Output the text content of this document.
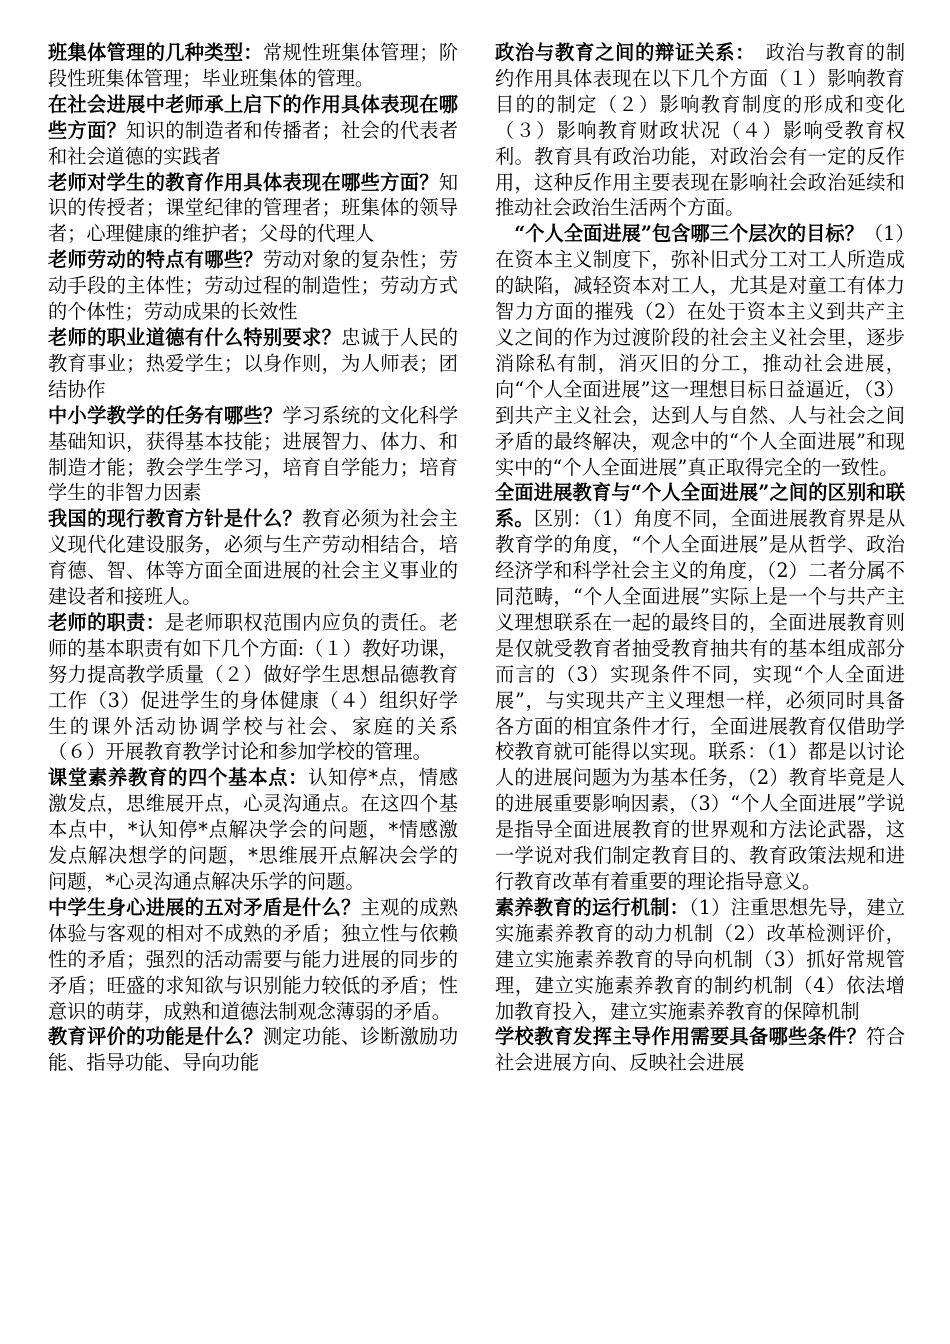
班集体管理的几种类型：常规性班集体管理；阶段性班集体管理；毕业班集体的管理。

在社会进展中老师承上启下的作用具体表现在哪些方面？知识的制造者和传播者；社会的代表者和社会道德的实践者

老师对学生的教育作用具体表现在哪些方面？知识的传授者；课堂纪律的管理者；班集体的领导者；心理健康的维护者；父母的代理人

老师劳动的特点有哪些？劳动对象的复杂性；劳动手段的主体性；劳动过程的制造性；劳动方式的个体性；劳动成果的长效性

老师的职业道德有什么特别要求？忠诚于人民的教育事业；热爱学生；以身作则，为人师表；团结协作

中小学教学的任务有哪些？学习系统的文化科学基础知识，获得基本技能；进展智力、体力、和制造才能；教会学生学习，培育自学能力；培育学生的非智力因素

我国的现行教育方针是什么？教育必须为社会主义现代化建设服务，必须与生产劳动相结合，培育德、智、体等方面全面进展的社会主义事业的建设者和接班人。

老师的职责：是老师职权范围内应负的责任。老师的基本职责有如下几个方面:（１）教好功课，努力提高教学质量（２）做好学生思想品德教育工作（3）促进学生的身体健康（４）组织好学生的课外活动协调学校与社会、家庭的关系（６）开展教育教学讨论和参加学校的管理。

课堂素养教育的四个基本点：认知停*点，情感激发点，思维展开点，心灵沟通点。在这四个基本点中，*认知停*点解决学会的问题，*情感激发点解决想学的问题，*思维展开点解决会学的问题，*心灵沟通点解决乐学的问题。

中学生身心进展的五对矛盾是什么？主观的成熟体验与客观的相对不成熟的矛盾；独立性与依赖性的矛盾；强烈的活动需要与能力进展的同步的矛盾；旺盛的求知欲与识别能力较低的矛盾；性意识的萌芽，成熟和道德法制观念薄弱的矛盾。

教育评价的功能是什么？测定功能、诊断激励功能、指导功能、导向功能

政治与教育之间的辩证关系：　政治与教育的制约作用具体表现在以下几个方面（１）影响教育目的的制定（２）影响教育制度的形成和变化（３）影响教育财政状况（４）影响受教育权利。教育具有政治功能，对政治会有一定的反作用，这种反作用主要表现在影响社会政治延续和推动社会政治生活两个方面。

“个人全面进展”包含哪三个层次的目标？（1）在资本主义制度下，弥补旧式分工对工人所造成的缺陷，减轻资本对工人，尤其是对童工有体力智力方面的摧残（2）在处于资本主义到共产主义之间的作为过渡阶段的社会主义社会里，逐步消除私有制，消灭旧的分工，推动社会进展，向“个人全面进展”这一理想目标日益逼近，（3）到共产主义社会，达到人与自然、人与社会之间矛盾的最终解决，观念中的“个人全面进展”和现实中的“个人全面进展”真正取得完全的一致性。

全面进展教育与“个人全面进展”之间的区别和联系。区别：（1）角度不同，全面进展教育界是从教育学的角度，“个人全面进展”是从哲学、政治经济学和科学社会主义的角度，（2）二者分属不同范畴，“个人全面进展”实际上是一个与共产主义理想联系在一起的最终目的，全面进展教育则是仅就受教育者抽受教育抽共有的基本组成部分而言的（3）实现条件不同，实现“个人全面进展”，与实现共产主义理想一样，必须同时具备各方面的相宜条件才行，全面进展教育仅借助学校教育就可能得以实现。联系：（1）都是以讨论人的进展问题为为基本任务，（2）教育毕竟是人的进展重要影响因素，（3）“个人全面进展”学说是指导全面进展教育的世界观和方法论武器，这一学说对我们制定教育目的、教育政策法规和进行教育改革有着重要的理论指导意义。

素养教育的运行机制：（1）注重思想先导，建立实施素养教育的动力机制（2）改革检测评价，建立实施素养教育的导向机制（3）抓好常规管理，建立实施素养教育的制约机制（4）依法增加教育投入，建立实施素养教育的保障机制

学校教育发挥主导作用需要具备哪些条件？符合社会进展方向、反映社会进展
